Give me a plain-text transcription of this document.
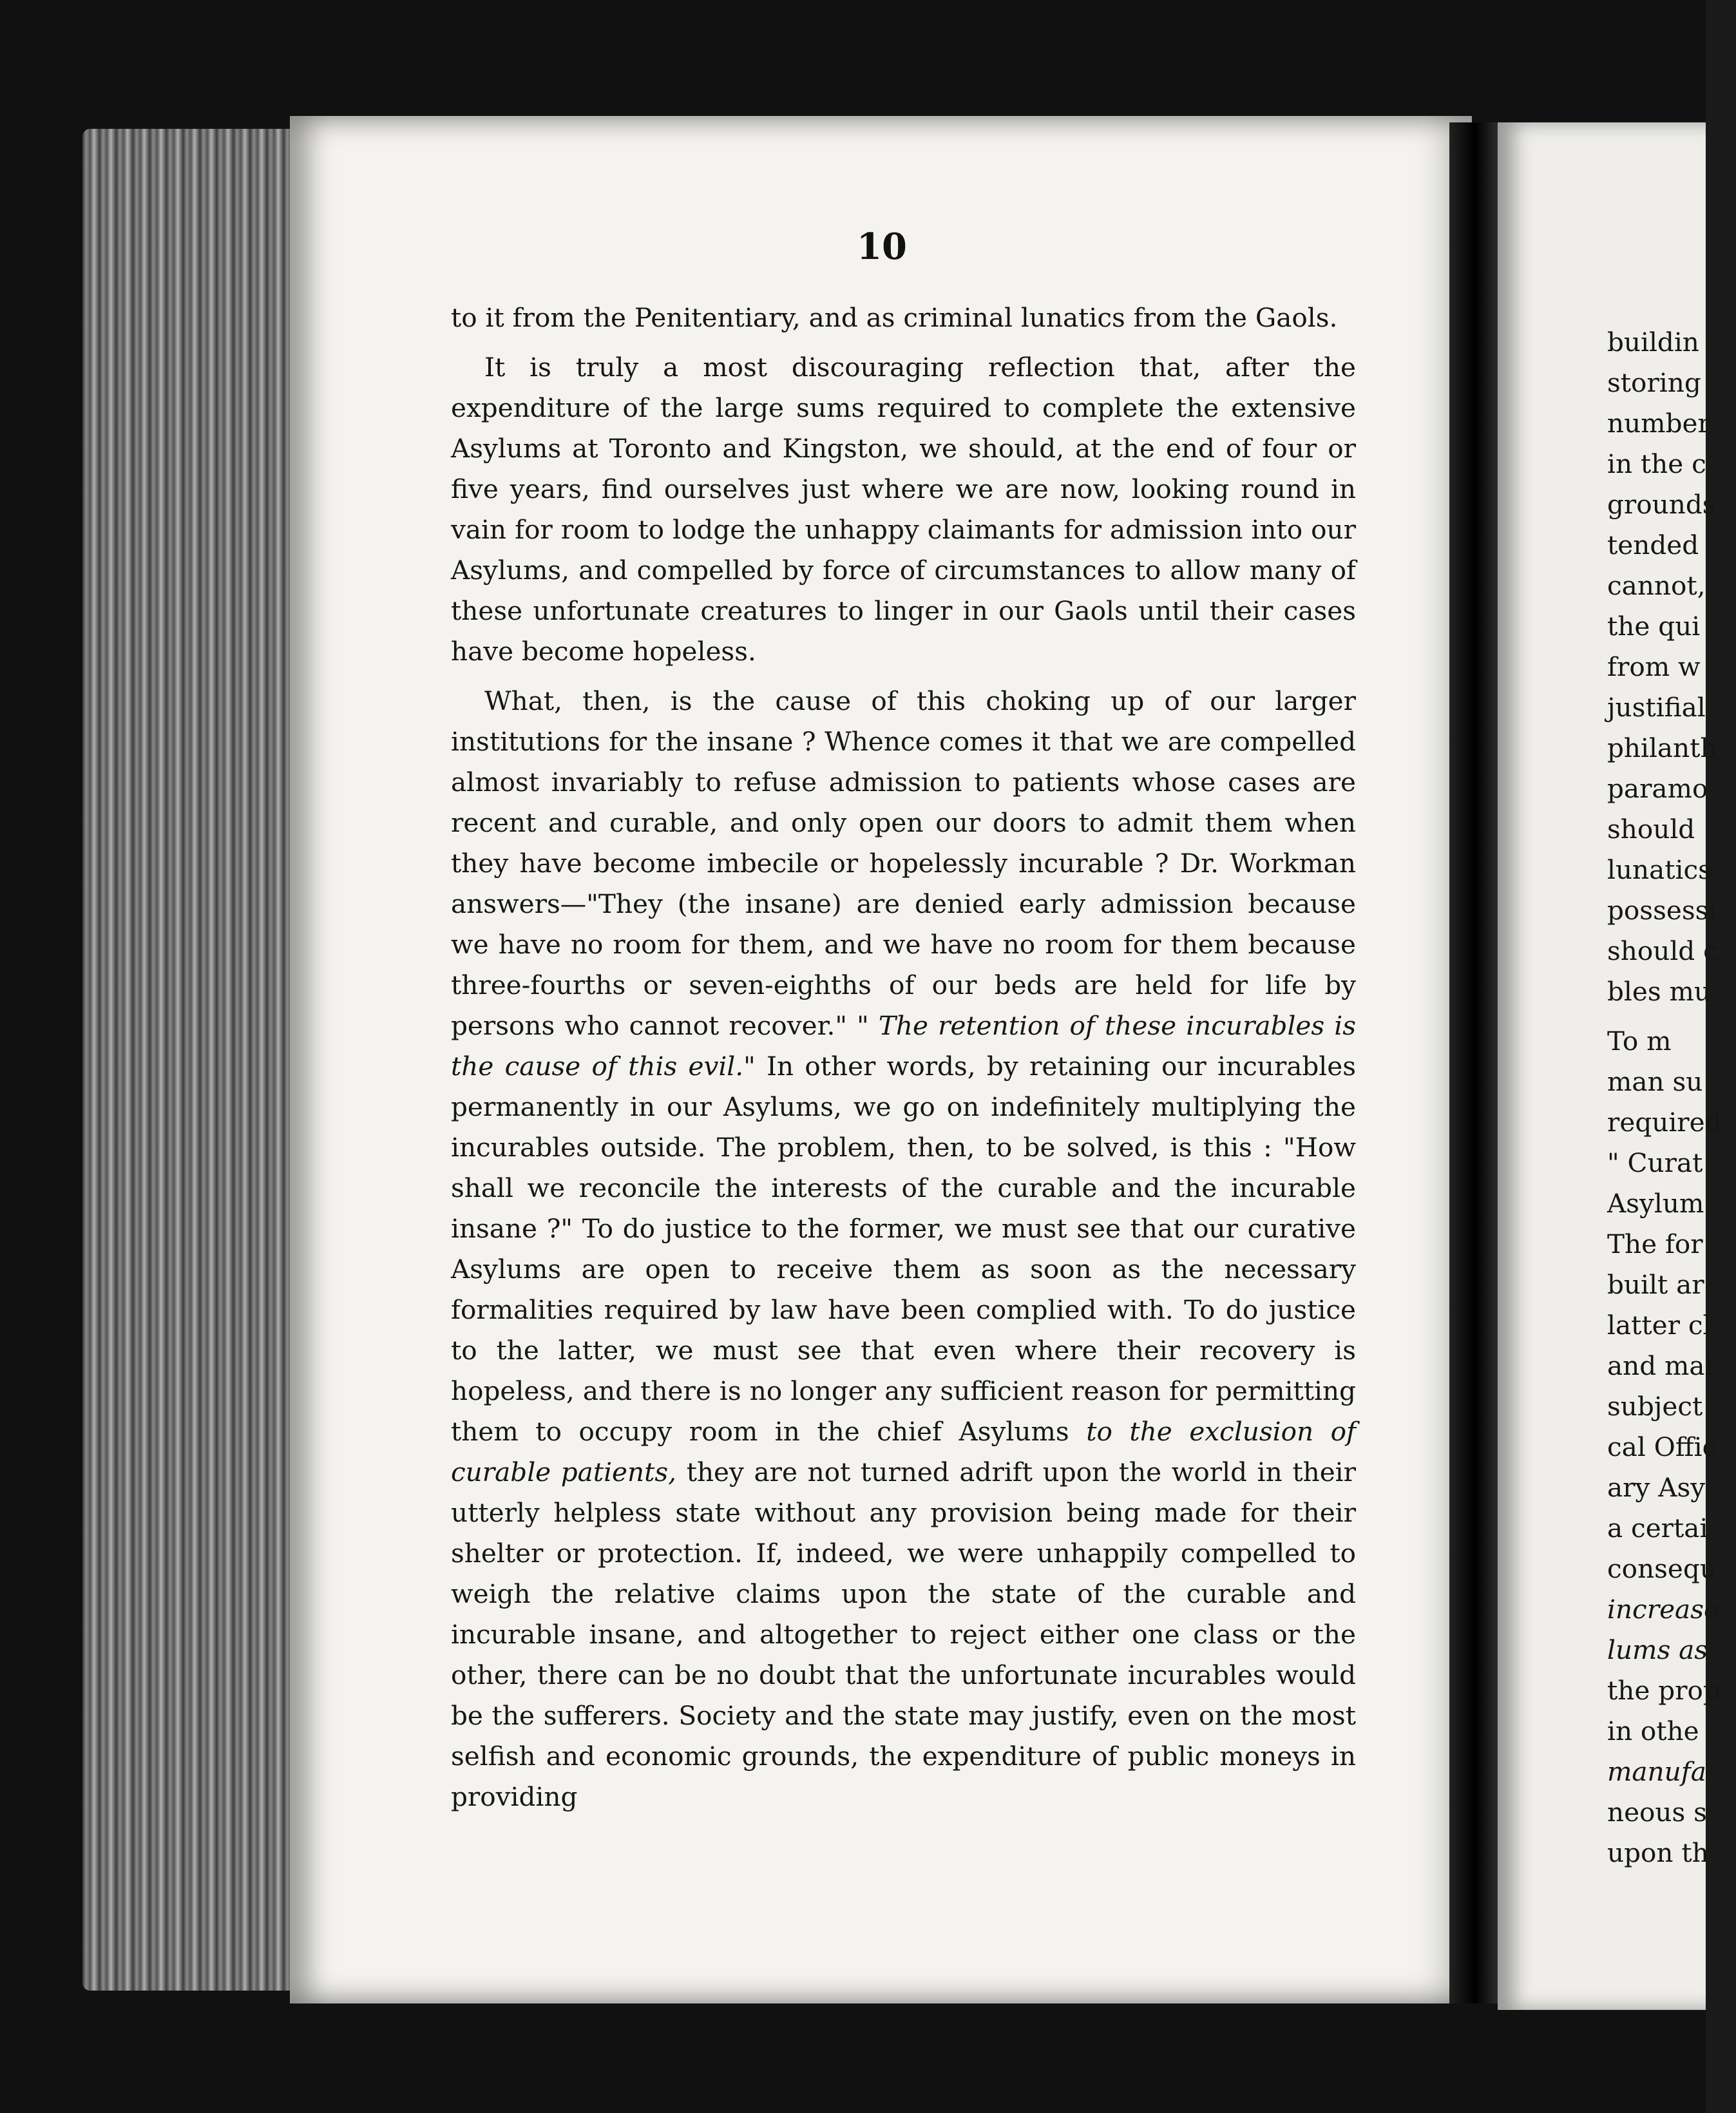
10

to it from the Penitentiary, and as criminal lunatics from the Gaols.

It is truly a most discouraging reflection that, after the expenditure of the large sums required to complete the extensive Asylums at Toronto and Kingston, we should, at the end of four or five years, find ourselves just where we are now, looking round in vain for room to lodge the unhappy claimants for admission into our Asylums, and compelled by force of circumstances to allow many of these unfortunate creatures to linger in our Gaols until their cases have become hopeless.

What, then, is the cause of this choking up of our larger institutions for the insane ? Whence comes it that we are compelled almost invariably to refuse admission to patients whose cases are recent and curable, and only open our doors to admit them when they have become imbecile or hopelessly incurable ? Dr. Workman answers—"They (the insane) are denied early admission because we have no room for them, and we have no room for them because three-fourths or seven-eighths of our beds are held for life by persons who cannot recover." " The retention of these incurables is the cause of this evil." In other words, by retaining our incurables permanently in our Asylums, we go on indefinitely multiplying the incurables outside. The problem, then, to be solved, is this : "How shall we reconcile the interests of the curable and the incurable insane ?" To do justice to the former, we must see that our curative Asylums are open to receive them as soon as the necessary formalities required by law have been complied with. To do justice to the latter, we must see that even where their recovery is hopeless, and there is no longer any sufficient reason for permitting them to occupy room in the chief Asylums to the exclusion of curable patients, they are not turned adrift upon the world in their utterly helpless state without any provision being made for their shelter or protection. If, indeed, we were unhappily compelled to weigh the relative claims upon the state of the curable and incurable insane, and altogether to reject either one class or the other, there can be no doubt that the unfortunate incurables would be the sufferers. Society and the state may justify, even on the most selfish and economic grounds, the expenditure of public moneys in providing

buildin
storing
number
in the c
grounds
tended
cannot,
the qui
from w
justifial
philanth
paramo
should
lunatics
possessi
should c
bles mu
To m
man su
required
" Curat
Asylum
The for
built ar
latter cl
and mai
subject
cal Offic
ary Asy
a certai
consequ
increase
lums as
the prop
in othe
manufa
neous s
upon th
